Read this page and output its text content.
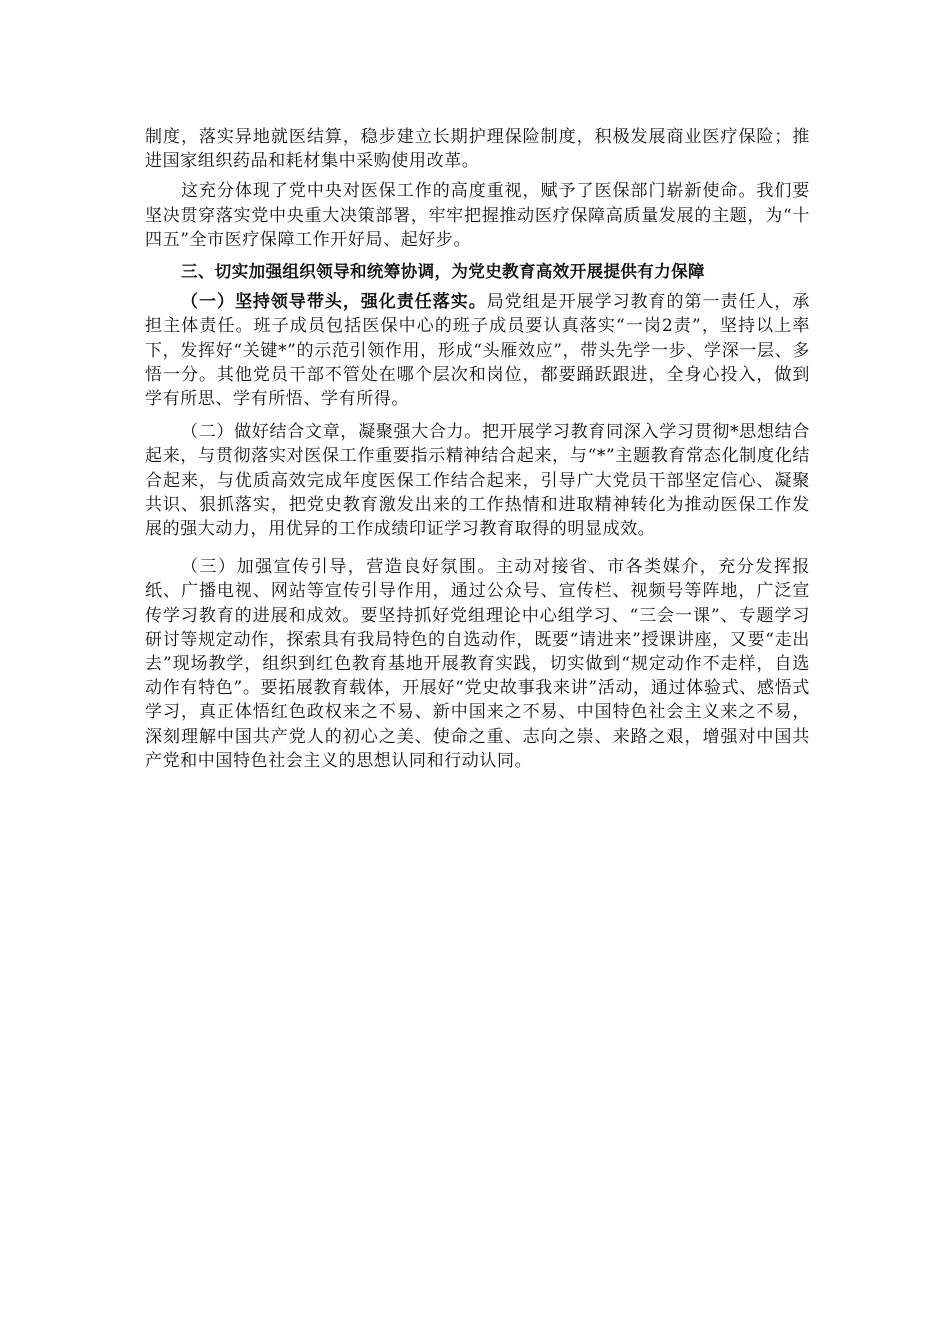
制度，落实异地就医结算，稳步建立长期护理保险制度，积极发展商业医疗保险；推进国家组织药品和耗材集中采购使用改革。

这充分体现了党中央对医保工作的高度重视，赋予了医保部门崭新使命。我们要坚决贯穿落实党中央重大决策部署，牢牢把握推动医疗保障高质量发展的主题，为“十四五”全市医疗保障工作开好局、起好步。

三、切实加强组织领导和统筹协调，为党史教育高效开展提供有力保障

（一）坚持领导带头，强化责任落实。局党组是开展学习教育的第一责任人，承担主体责任。班子成员包括医保中心的班子成员要认真落实“一岗2责”，坚持以上率下，发挥好“关键*”的示范引领作用，形成“头雁效应”，带头先学一步、学深一层、多悟一分。其他党员干部不管处在哪个层次和岗位，都要踊跃跟进，全身心投入，做到学有所思、学有所悟、学有所得。

（二）做好结合文章，凝聚强大合力。把开展学习教育同深入学习贯彻*思想结合起来，与贯彻落实对医保工作重要指示精神结合起来，与“*”主题教育常态化制度化结合起来，与优质高效完成年度医保工作结合起来，引导广大党员干部坚定信心、凝聚共识、狠抓落实，把党史教育激发出来的工作热情和进取精神转化为推动医保工作发展的强大动力，用优异的工作成绩印证学习教育取得的明显成效。

（三）加强宣传引导，营造良好氛围。主动对接省、市各类媒介，充分发挥报纸、广播电视、网站等宣传引导作用，通过公众号、宣传栏、视频号等阵地，广泛宣传学习教育的进展和成效。要坚持抓好党组理论中心组学习、“三会一课”、专题学习研讨等规定动作，探索具有我局特色的自选动作，既要“请进来”授课讲座，又要“走出去”现场教学，组织到红色教育基地开展教育实践，切实做到“规定动作不走样，自选动作有特色”。要拓展教育载体，开展好“党史故事我来讲”活动，通过体验式、感悟式学习，真正体悟红色政权来之不易、新中国来之不易、中国特色社会主义来之不易，深刻理解中国共产党人的初心之美、使命之重、志向之崇、来路之艰，增强对中国共产党和中国特色社会主义的思想认同和行动认同。
